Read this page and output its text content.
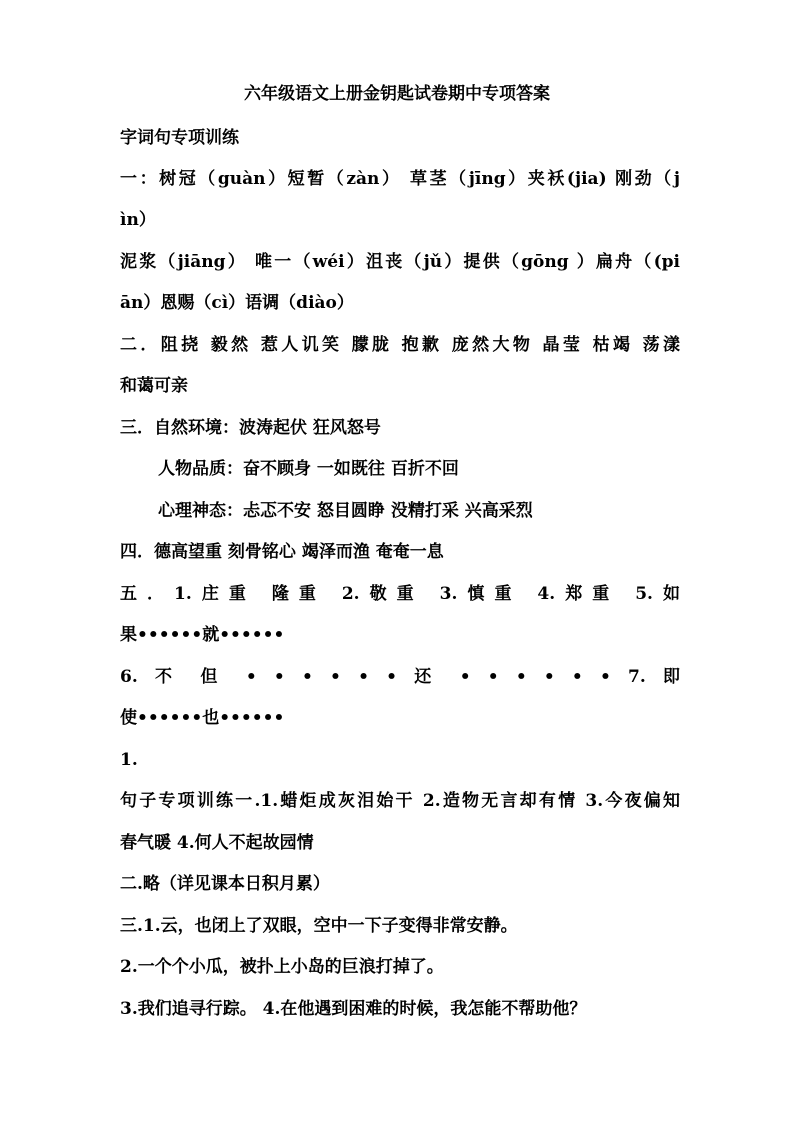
六年级语文上册金钥匙试卷期中专项答案
字词句专项训练
一：树冠（guàn）短暂（zàn） 草茎（jīng）夹袄(jia) 刚劲（j
ìn）
泥浆（jiāng） 唯一（wéi）沮丧（jǔ）提供（gōng ）扁舟（(pi
ān）恩赐（cì）语调（diào）
二．阻挠 毅然 惹人讥笑 朦胧 抱歉 庞然大物 晶莹 枯竭 荡漾
和蔼可亲
三．自然环境：波涛起伏 狂风怒号
人物品质：奋不顾身 一如既往 百折不回
心理神态：忐忑不安 怒目圆睁 没精打采 兴高采烈
四．德高望重 刻骨铭心 竭泽而渔 奄奄一息
五．1.庄重 隆重 2.敬重 3.慎重 4.郑重 5.如
果••••••就••••••
6. 不 但 • • • • • • 还 • • • • • • 7. 即
使••••••也••••••
1.
句子专项训练一.1.蜡炬成灰泪始干 2.造物无言却有情 3.今夜偏知
春气暖 4.何人不起故园情
二.略（详见课本日积月累）
三.1.云，也闭上了双眼，空中一下子变得非常安静。
2.一个个小瓜，被扑上小岛的巨浪打掉了。
3.我们追寻行踪。 4.在他遇到困难的时候，我怎能不帮助他？
